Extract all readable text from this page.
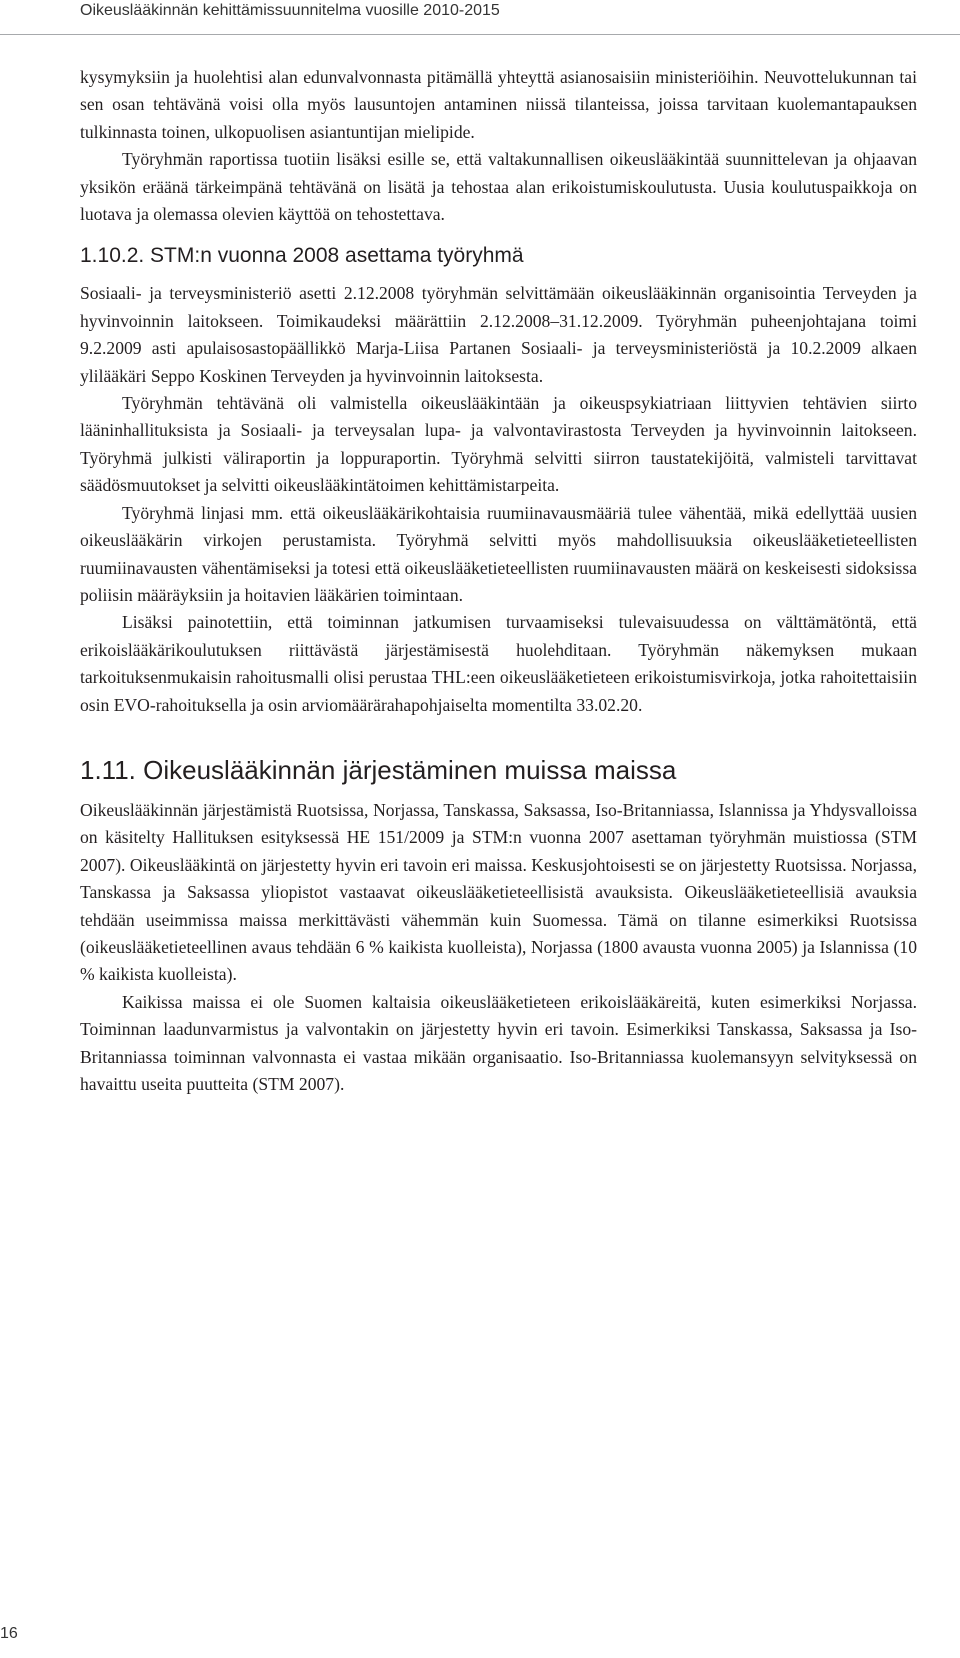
Oikeuslääkinnän kehittämissuunnitelma vuosille 2010-2015

kysymyksiin ja huolehtisi alan edunvalvonnasta pitämällä yhteyttä asianosaisiin ministeriöihin. Neuvottelukunnan tai sen osan tehtävänä voisi olla myös lausuntojen antaminen niissä tilanteissa, joissa tarvitaan kuolemantapauksen tulkinnasta toinen, ulkopuolisen asiantuntijan mielipide.

Työryhmän raportissa tuotiin lisäksi esille se, että valtakunnallisen oikeuslääkintää suunnittelevan ja ohjaavan yksikön eräänä tärkeimpänä tehtävänä on lisätä ja tehostaa alan erikoistumiskoulutusta. Uusia koulutuspaikkoja on luotava ja olemassa olevien käyttöä on tehostettava.

1.10.2. STM:n vuonna 2008 asettama työryhmä

Sosiaali- ja terveysministeriö asetti 2.12.2008 työryhmän selvittämään oikeuslääkinnän organisointia Terveyden ja hyvinvoinnin laitokseen. Toimikaudeksi määrättiin 2.12.2008–31.12.2009. Työryhmän puheenjohtajana toimi 9.2.2009 asti apulaisosastopäällikkö Marja-Liisa Partanen Sosiaali- ja terveysministeriöstä ja 10.2.2009 alkaen ylilääkäri Seppo Koskinen Terveyden ja hyvinvoinnin laitoksesta.

Työryhmän tehtävänä oli valmistella oikeuslääkintään ja oikeuspsykiatriaan liittyvien tehtävien siirto lääninhallituksista ja Sosiaali- ja terveysalan lupa- ja valvontavirastosta Terveyden ja hyvinvoinnin laitokseen. Työryhmä julkisti väliraportin ja loppuraportin. Työryhmä selvitti siirron taustatekijöitä, valmisteli tarvittavat säädösmuutokset ja selvitti oikeuslääkintätoimen kehittämistarpeita.

Työryhmä linjasi mm. että oikeuslääkärikohtaisia ruumiinavausmääriä tulee vähentää, mikä edellyttää uusien oikeuslääkärin virkojen perustamista. Työryhmä selvitti myös mahdollisuuksia oikeuslääketieteellisten ruumiinavausten vähentämiseksi ja totesi että oikeuslääketieteellisten ruumiinavausten määrä on keskeisesti sidoksissa poliisin määräyksiin ja hoitavien lääkärien toimintaan.

Lisäksi painotettiin, että toiminnan jatkumisen turvaamiseksi tulevaisuudessa on välttämätöntä, että erikoislääkärikoulutuksen riittävästä järjestämisestä huolehditaan. Työryhmän näkemyksen mukaan tarkoituksenmukaisin rahoitusmalli olisi perustaa THL:een oikeuslääketieteen erikoistumisvirkoja, jotka rahoitettaisiin osin EVO-rahoituksella ja osin arviomäärärahapohjaiselta momentilta 33.02.20.

1.11. Oikeuslääkinnän järjestäminen muissa maissa

Oikeuslääkinnän järjestämistä Ruotsissa, Norjassa, Tanskassa, Saksassa, Iso-Britanniassa, Islannissa ja Yhdysvalloissa on käsitelty Hallituksen esityksessä HE 151/2009 ja STM:n vuonna 2007 asettaman työryhmän muistiossa (STM 2007). Oikeuslääkintä on järjestetty hyvin eri tavoin eri maissa. Keskusjohtoisesti se on järjestetty Ruotsissa. Norjassa, Tanskassa ja Saksassa yliopistot vastaavat oikeuslääketieteellisistä avauksista. Oikeuslääketieteellisiä avauksia tehdään useimmissa maissa merkittävästi vähemmän kuin Suomessa. Tämä on tilanne esimerkiksi Ruotsissa (oikeuslääketieteellinen avaus tehdään 6 % kaikista kuolleista), Norjassa (1800 avausta vuonna 2005) ja Islannissa (10 % kaikista kuolleista).

Kaikissa maissa ei ole Suomen kaltaisia oikeuslääketieteen erikoislääkäreitä, kuten esimerkiksi Norjassa. Toiminnan laadunvarmistus ja valvontakin on järjestetty hyvin eri tavoin. Esimerkiksi Tanskassa, Saksassa ja Iso-Britanniassa toiminnan valvonnasta ei vastaa mikään organisaatio. Iso-Britanniassa kuolemansyyn selvityksessä on havaittu useita puutteita (STM 2007).

16
